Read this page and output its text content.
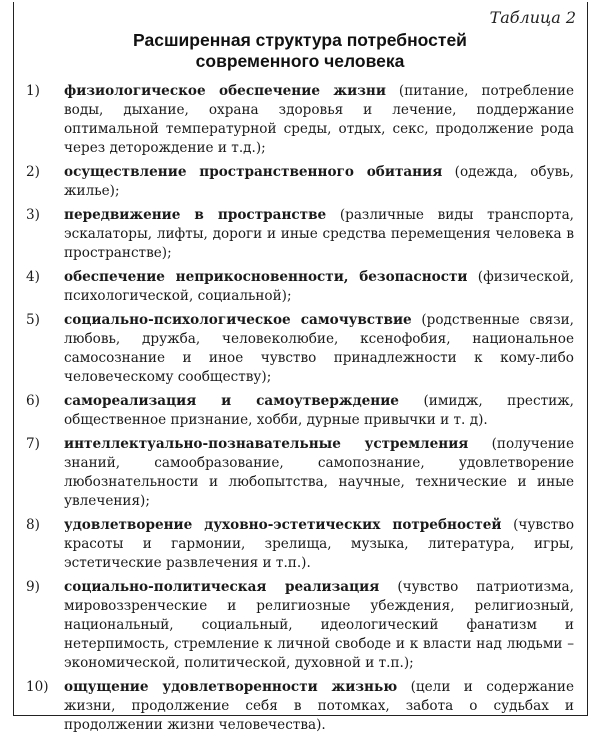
Таблица 2
Расширенная структура потребностей
современного человека
1)	физиологическое обеспечение жизни (питание, потребление воды, дыхание, охрана здоровья и лечение, поддержание оптимальной температурной среды, отдых, секс, продолжение рода через деторождение и т.д.);
2)	осуществление пространственного обитания (одежда, обувь, жилье);
3)	передвижение в пространстве (различные виды транспорта, эскалаторы, лифты, дороги и иные средства перемещения человека в пространстве);
4)	обеспечение неприкосновенности, безопасности (физической, психологической, социальной);
5)	социально-психологическое самочувствие (родственные связи, любовь, дружба, человеколюбие, ксенофобия, национальное самосознание и иное чувство принадлежности к кому-либо человеческому сообществу);
6)	самореализация и самоутверждение (имидж, престиж, общественное признание, хобби, дурные привычки и т. д).
7)	интеллектуально-познавательные устремления (получение знаний, самообразование, самопознание, удовлетворение любознательности и любопытства, научные, технические и иные увлечения);
8)	удовлетворение духовно-эстетических потребностей (чувство красоты и гармонии, зрелища, музыка, литература, игры, эстетические развлечения и т.п.).
9)	социально-политическая реализация (чувство патриотизма, мировоззренческие и религиозные убеждения, религиозный, национальный, социальный, идеологический фанатизм и нетерпимость, стремление к личной свободе и к власти над людьми – экономической, политической, духовной и т.п.);
10)	ощущение удовлетворенности жизнью (цели и содержание жизни, продолжение себя в потомках, забота о судьбах и продолжении жизни человечества).
